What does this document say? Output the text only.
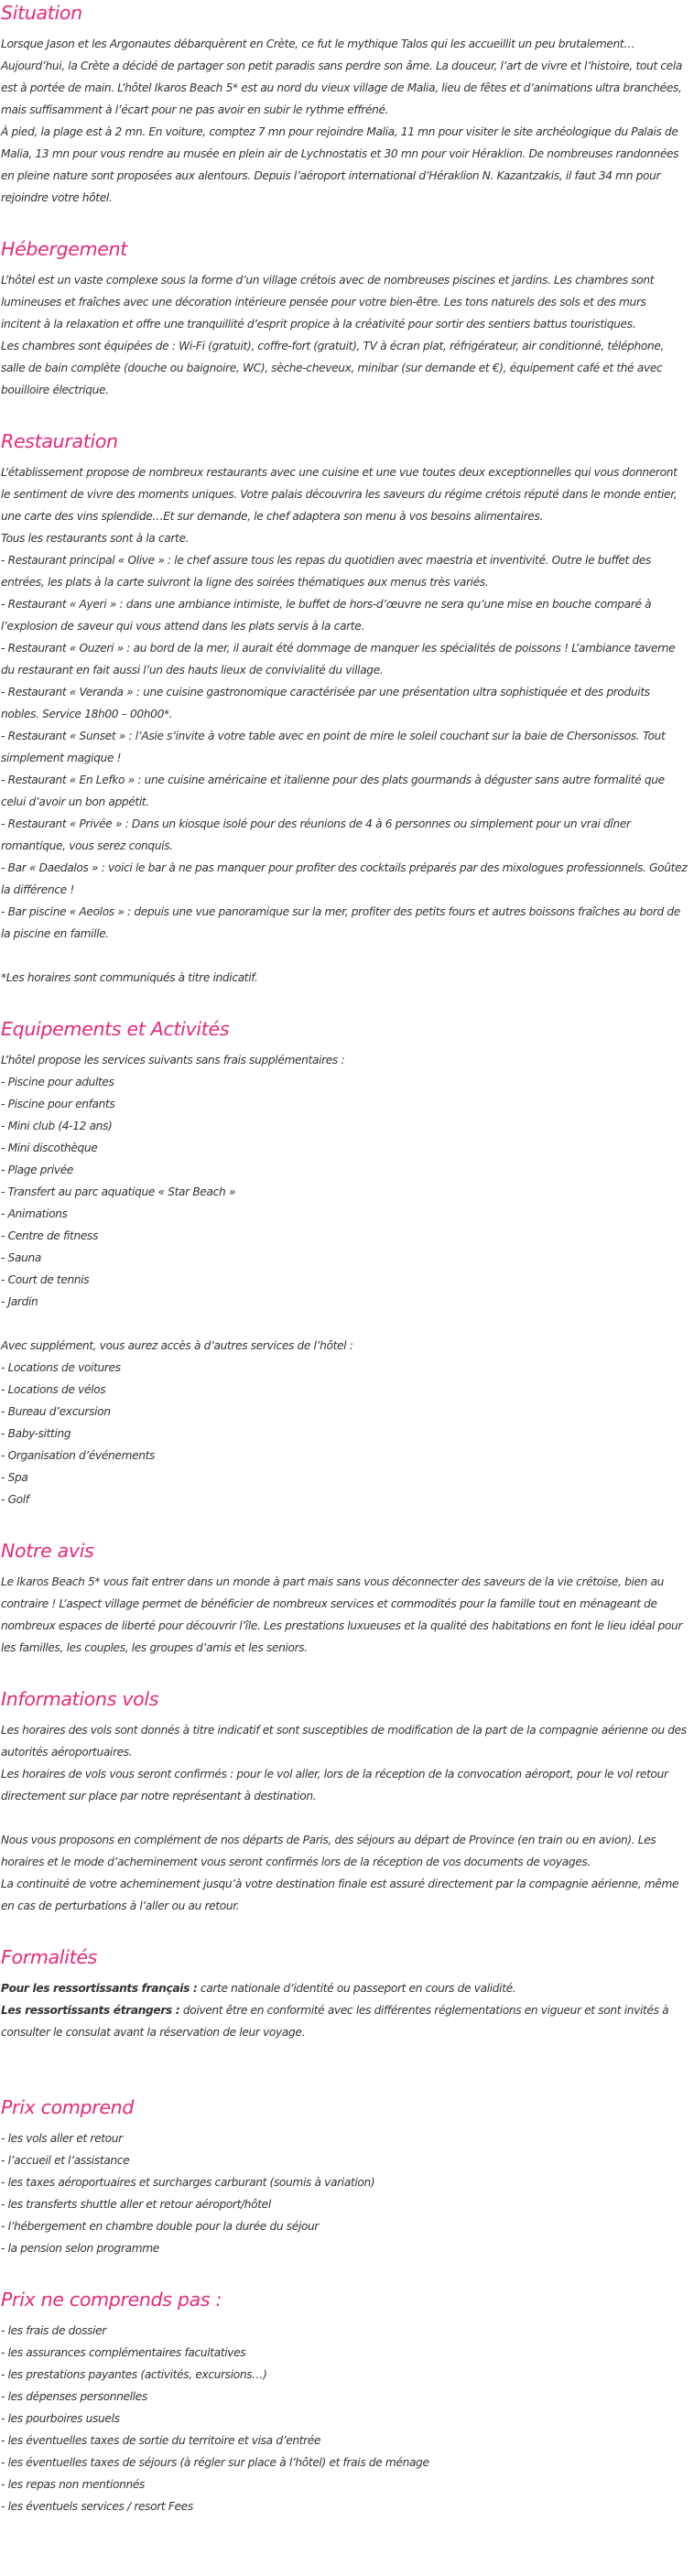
Situation

Lorsque Jason et les Argonautes débarquèrent en Crète, ce fut le mythique Talos qui les accueillit un peu brutalement… Aujourd’hui, la Crète a décidé de partager son petit paradis sans perdre son âme. La douceur, l’art de vivre et l’histoire, tout cela est à portée de main. L’hôtel Ikaros Beach 5* est au nord du vieux village de Malia, lieu de fêtes et d’animations ultra branchées, mais suffisamment à l’écart pour ne pas avoir en subir le rythme effréné.

À pied, la plage est à 2 mn. En voiture, comptez 7 mn pour rejoindre Malia, 11 mn pour visiter le site archéologique du Palais de Malia, 13 mn pour vous rendre au musée en plein air de Lychnostatis et 30 mn pour voir Héraklion. De nombreuses randonnées en pleine nature sont proposées aux alentours. Depuis l’aéroport international d’Héraklion N. Kazantzakis, il faut 34 mn pour rejoindre votre hôtel.

Hébergement

L’hôtel est un vaste complexe sous la forme d’un village crétois avec de nombreuses piscines et jardins. Les chambres sont lumineuses et fraîches avec une décoration intérieure pensée pour votre bien-être. Les tons naturels des sols et des murs incitent à la relaxation et offre une tranquillité d’esprit propice à la créativité pour sortir des sentiers battus touristiques.

Les chambres sont équipées de : Wi-Fi (gratuit), coffre-fort (gratuit), TV à écran plat, réfrigérateur, air conditionné, téléphone, salle de bain complète (douche ou baignoire, WC), sèche-cheveux, minibar (sur demande et €), équipement café et thé avec bouilloire électrique.

Restauration

L’établissement propose de nombreux restaurants avec une cuisine et une vue toutes deux exceptionnelles qui vous donneront le sentiment de vivre des moments uniques. Votre palais découvrira les saveurs du régime crétois réputé dans le monde entier, une carte des vins splendide…Et sur demande, le chef adaptera son menu à vos besoins alimentaires.

Tous les restaurants sont à la carte.

- Restaurant principal « Olive » : le chef assure tous les repas du quotidien avec maestria et inventivité. Outre le buffet des entrées, les plats à la carte suivront la ligne des soirées thématiques aux menus très variés.

- Restaurant « Ayeri » : dans une ambiance intimiste, le buffet de hors-d’œuvre ne sera qu’une mise en bouche comparé à l’explosion de saveur qui vous attend dans les plats servis à la carte.

- Restaurant « Ouzeri » : au bord de la mer, il aurait été dommage de manquer les spécialités de poissons ! L’ambiance taverne du restaurant en fait aussi l’un des hauts lieux de convivialité du village.

- Restaurant « Veranda » : une cuisine gastronomique caractérisée par une présentation ultra sophistiquée et des produits nobles. Service 18h00 – 00h00*.

- Restaurant « Sunset » : l’Asie s’invite à votre table avec en point de mire le soleil couchant sur la baie de Chersonissos. Tout simplement magique !

- Restaurant « En Lefko » : une cuisine américaine et italienne pour des plats gourmands à déguster sans autre formalité que celui d’avoir un bon appétit.

- Restaurant « Privée » : Dans un kiosque isolé pour des réunions de 4 à 6 personnes ou simplement pour un vrai dîner romantique, vous serez conquis.

- Bar « Daedalos » : voici le bar à ne pas manquer pour profiter des cocktails préparés par des mixologues professionnels. Goûtez la différence !

- Bar piscine « Aeolos » : depuis une vue panoramique sur la mer, profiter des petits fours et autres boissons fraîches au bord de la piscine en famille.

*Les horaires sont communiqués à titre indicatif.

Equipements et Activités

L’hôtel propose les services suivants sans frais supplémentaires :

- Piscine pour adultes
- Piscine pour enfants
- Mini club (4-12 ans)
- Mini discothèque
- Plage privée
- Transfert au parc aquatique « Star Beach »
- Animations
- Centre de fitness
- Sauna
- Court de tennis
- Jardin

Avec supplément, vous aurez accès à d’autres services de l’hôtel :

- Locations de voitures
- Locations de vélos
- Bureau d’excursion
- Baby-sitting
- Organisation d’événements
- Spa
- Golf
Notre avis

Le Ikaros Beach 5* vous fait entrer dans un monde à part mais sans vous déconnecter des saveurs de la vie crétoise, bien au contraire ! L’aspect village permet de bénéficier de nombreux services et commodités pour la famille tout en ménageant de nombreux espaces de liberté pour découvrir l’île. Les prestations luxueuses et la qualité des habitations en font le lieu idéal pour les familles, les couples, les groupes d’amis et les seniors.

Informations vols

Les horaires des vols sont donnés à titre indicatif et sont susceptibles de modification de la part de la compagnie aérienne ou des autorités aéroportuaires.

Les horaires de vols vous seront confirmés : pour le vol aller, lors de la réception de la convocation aéroport, pour le vol retour directement sur place par notre représentant à destination.

Nous vous proposons en complément de nos départs de Paris, des séjours au départ de Province (en train ou en avion). Les horaires et le mode d’acheminement vous seront confirmés lors de la réception de vos documents de voyages.

La continuité de votre acheminement jusqu’à votre destination finale est assuré directement par la compagnie aérienne, même en cas de perturbations à l’aller ou au retour.

Formalités

Pour les ressortissants français : carte nationale d’identité ou passeport en cours de validité.

Les ressortissants étrangers : doivent être en conformité avec les différentes réglementations en vigueur et sont invités à consulter le consulat avant la réservation de leur voyage.

Prix comprend
- les vols aller et retour
- l’accueil et l’assistance
- les taxes aéroportuaires et surcharges carburant (soumis à variation)
- les transferts shuttle aller et retour aéroport/hôtel
- l’hébergement en chambre double pour la durée du séjour
- la pension selon programme
Prix ne comprends pas :
- les frais de dossier
- les assurances complémentaires facultatives
- les prestations payantes (activités, excursions…)
- les dépenses personnelles
- les pourboires usuels
- les éventuelles taxes de sortie du territoire et visa d’entrée
- les éventuelles taxes de séjours (à régler sur place à l’hôtel) et frais de ménage
- les repas non mentionnés
- les éventuels services / resort Fees
